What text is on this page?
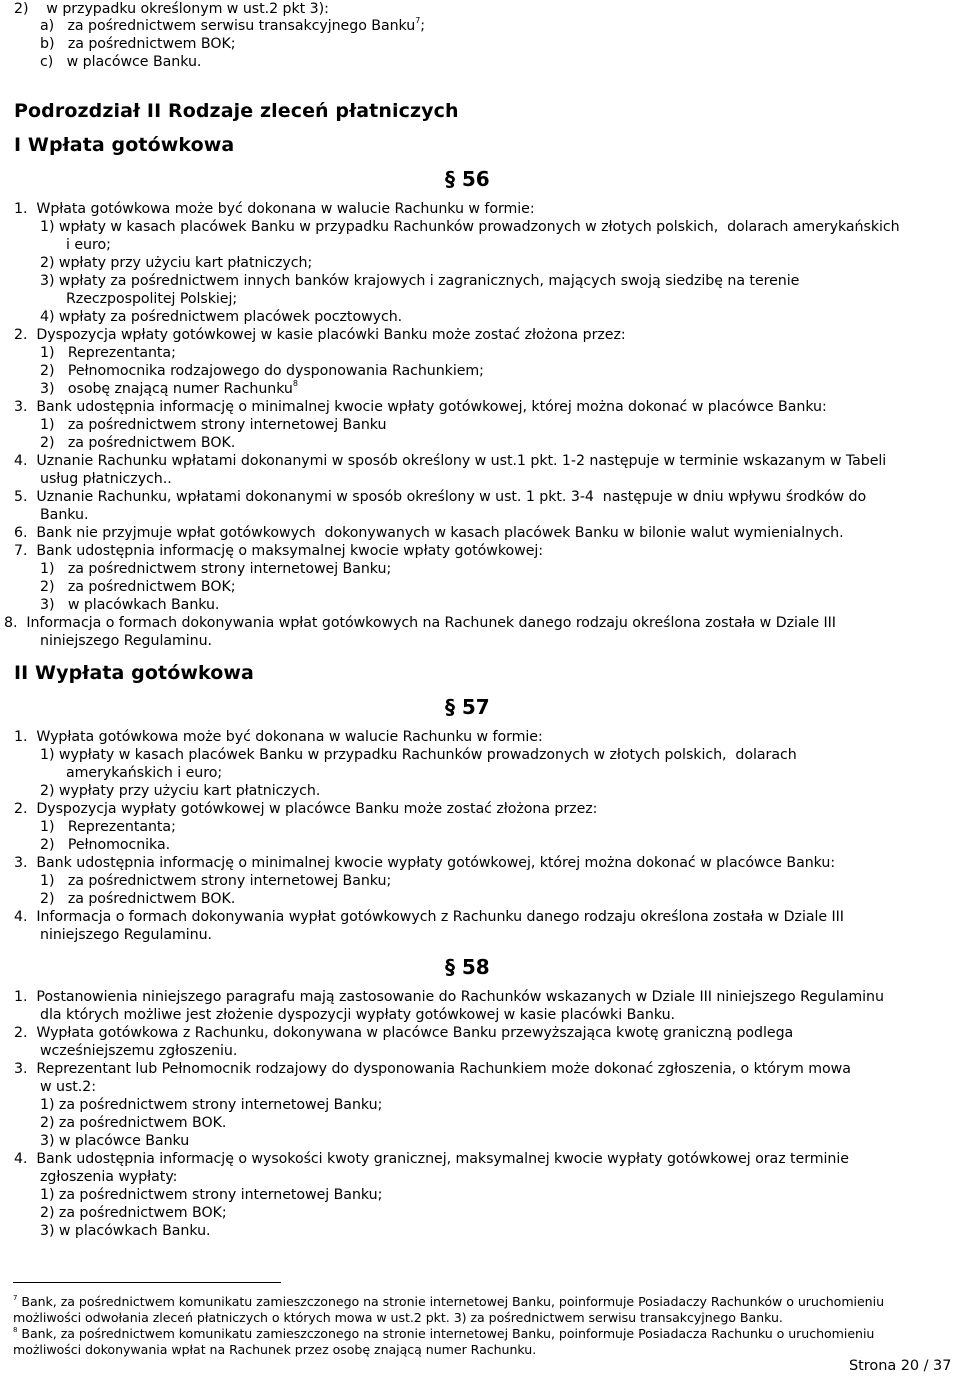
2)    w przypadku określonym w ust.2 pkt 3):
a)   za pośrednictwem serwisu transakcyjnego Banku$^7$;
b)   za pośrednictwem BOK;
c)   w placówce Banku.
Podrozdział II Rodzaje zleceń płatniczych
I Wpłata gotówkowa
§ 56
1.  Wpłata gotówkowa może być dokonana w walucie Rachunku w formie:
1) wpłaty w kasach placówek Banku w przypadku Rachunków prowadzonych w złotych polskich,  dolarach amerykańskich
i euro;
2) wpłaty przy użyciu kart płatniczych;
3) wpłaty za pośrednictwem innych banków krajowych i zagranicznych, mających swoją siedzibę na terenie
Rzeczpospolitej Polskiej;
4) wpłaty za pośrednictwem placówek pocztowych.
2.  Dyspozycja wpłaty gotówkowej w kasie placówki Banku może zostać złożona przez:
1)   Reprezentanta;
2)   Pełnomocnika rodzajowego do dysponowania Rachunkiem;
3)   osobę znającą numer Rachunku$^8$
3.  Bank udostępnia informację o minimalnej kwocie wpłaty gotówkowej, której można dokonać w placówce Banku:
1)   za pośrednictwem strony internetowej Banku
2)   za pośrednictwem BOK.
4.  Uznanie Rachunku wpłatami dokonanymi w sposób określony w ust.1 pkt. 1-2 następuje w terminie wskazanym w Tabeli
usług płatniczych..
5.  Uznanie Rachunku, wpłatami dokonanymi w sposób określony w ust. 1 pkt. 3-4  następuje w dniu wpływu środków do
Banku.
6.  Bank nie przyjmuje wpłat gotówkowych  dokonywanych w kasach placówek Banku w bilonie walut wymienialnych.
7.  Bank udostępnia informację o maksymalnej kwocie wpłaty gotówkowej:
1)   za pośrednictwem strony internetowej Banku;
2)   za pośrednictwem BOK;
3)   w placówkach Banku.
8.  Informacja o formach dokonywania wpłat gotówkowych na Rachunek danego rodzaju określona została w Dziale III
niniejszego Regulaminu.
II Wypłata gotówkowa
§ 57
1.  Wypłata gotówkowa może być dokonana w walucie Rachunku w formie:
1) wypłaty w kasach placówek Banku w przypadku Rachunków prowadzonych w złotych polskich,  dolarach
amerykańskich i euro;
2) wypłaty przy użyciu kart płatniczych.
2.  Dyspozycja wypłaty gotówkowej w placówce Banku może zostać złożona przez:
1)   Reprezentanta;
2)   Pełnomocnika.
3.  Bank udostępnia informację o minimalnej kwocie wypłaty gotówkowej, której można dokonać w placówce Banku:
1)   za pośrednictwem strony internetowej Banku;
2)   za pośrednictwem BOK.
4.  Informacja o formach dokonywania wypłat gotówkowych z Rachunku danego rodzaju określona została w Dziale III
niniejszego Regulaminu.
§ 58
1.  Postanowienia niniejszego paragrafu mają zastosowanie do Rachunków wskazanych w Dziale III niniejszego Regulaminu
dla których możliwe jest złożenie dyspozycji wypłaty gotówkowej w kasie placówki Banku.
2.  Wypłata gotówkowa z Rachunku, dokonywana w placówce Banku przewyższająca kwotę graniczną podlega
wcześniejszemu zgłoszeniu.
3.  Reprezentant lub Pełnomocnik rodzajowy do dysponowania Rachunkiem może dokonać zgłoszenia, o którym mowa
w ust.2:
1) za pośrednictwem strony internetowej Banku;
2) za pośrednictwem BOK.
3) w placówce Banku
4.  Bank udostępnia informację o wysokości kwoty granicznej, maksymalnej kwocie wypłaty gotówkowej oraz terminie
zgłoszenia wypłaty:
1) za pośrednictwem strony internetowej Banku;
2) za pośrednictwem BOK;
3) w placówkach Banku.
$^7$ Bank, za pośrednictwem komunikatu zamieszczonego na stronie internetowej Banku, poinformuje Posiadaczy Rachunków o uruchomieniu
możliwości odwołania zleceń płatniczych o których mowa w ust.2 pkt. 3) za pośrednictwem serwisu transakcyjnego Banku.
$^8$ Bank, za pośrednictwem komunikatu zamieszczonego na stronie internetowej Banku, poinformuje Posiadacza Rachunku o uruchomieniu
możliwości dokonywania wpłat na Rachunek przez osobę znającą numer Rachunku.
Strona 20 / 37
